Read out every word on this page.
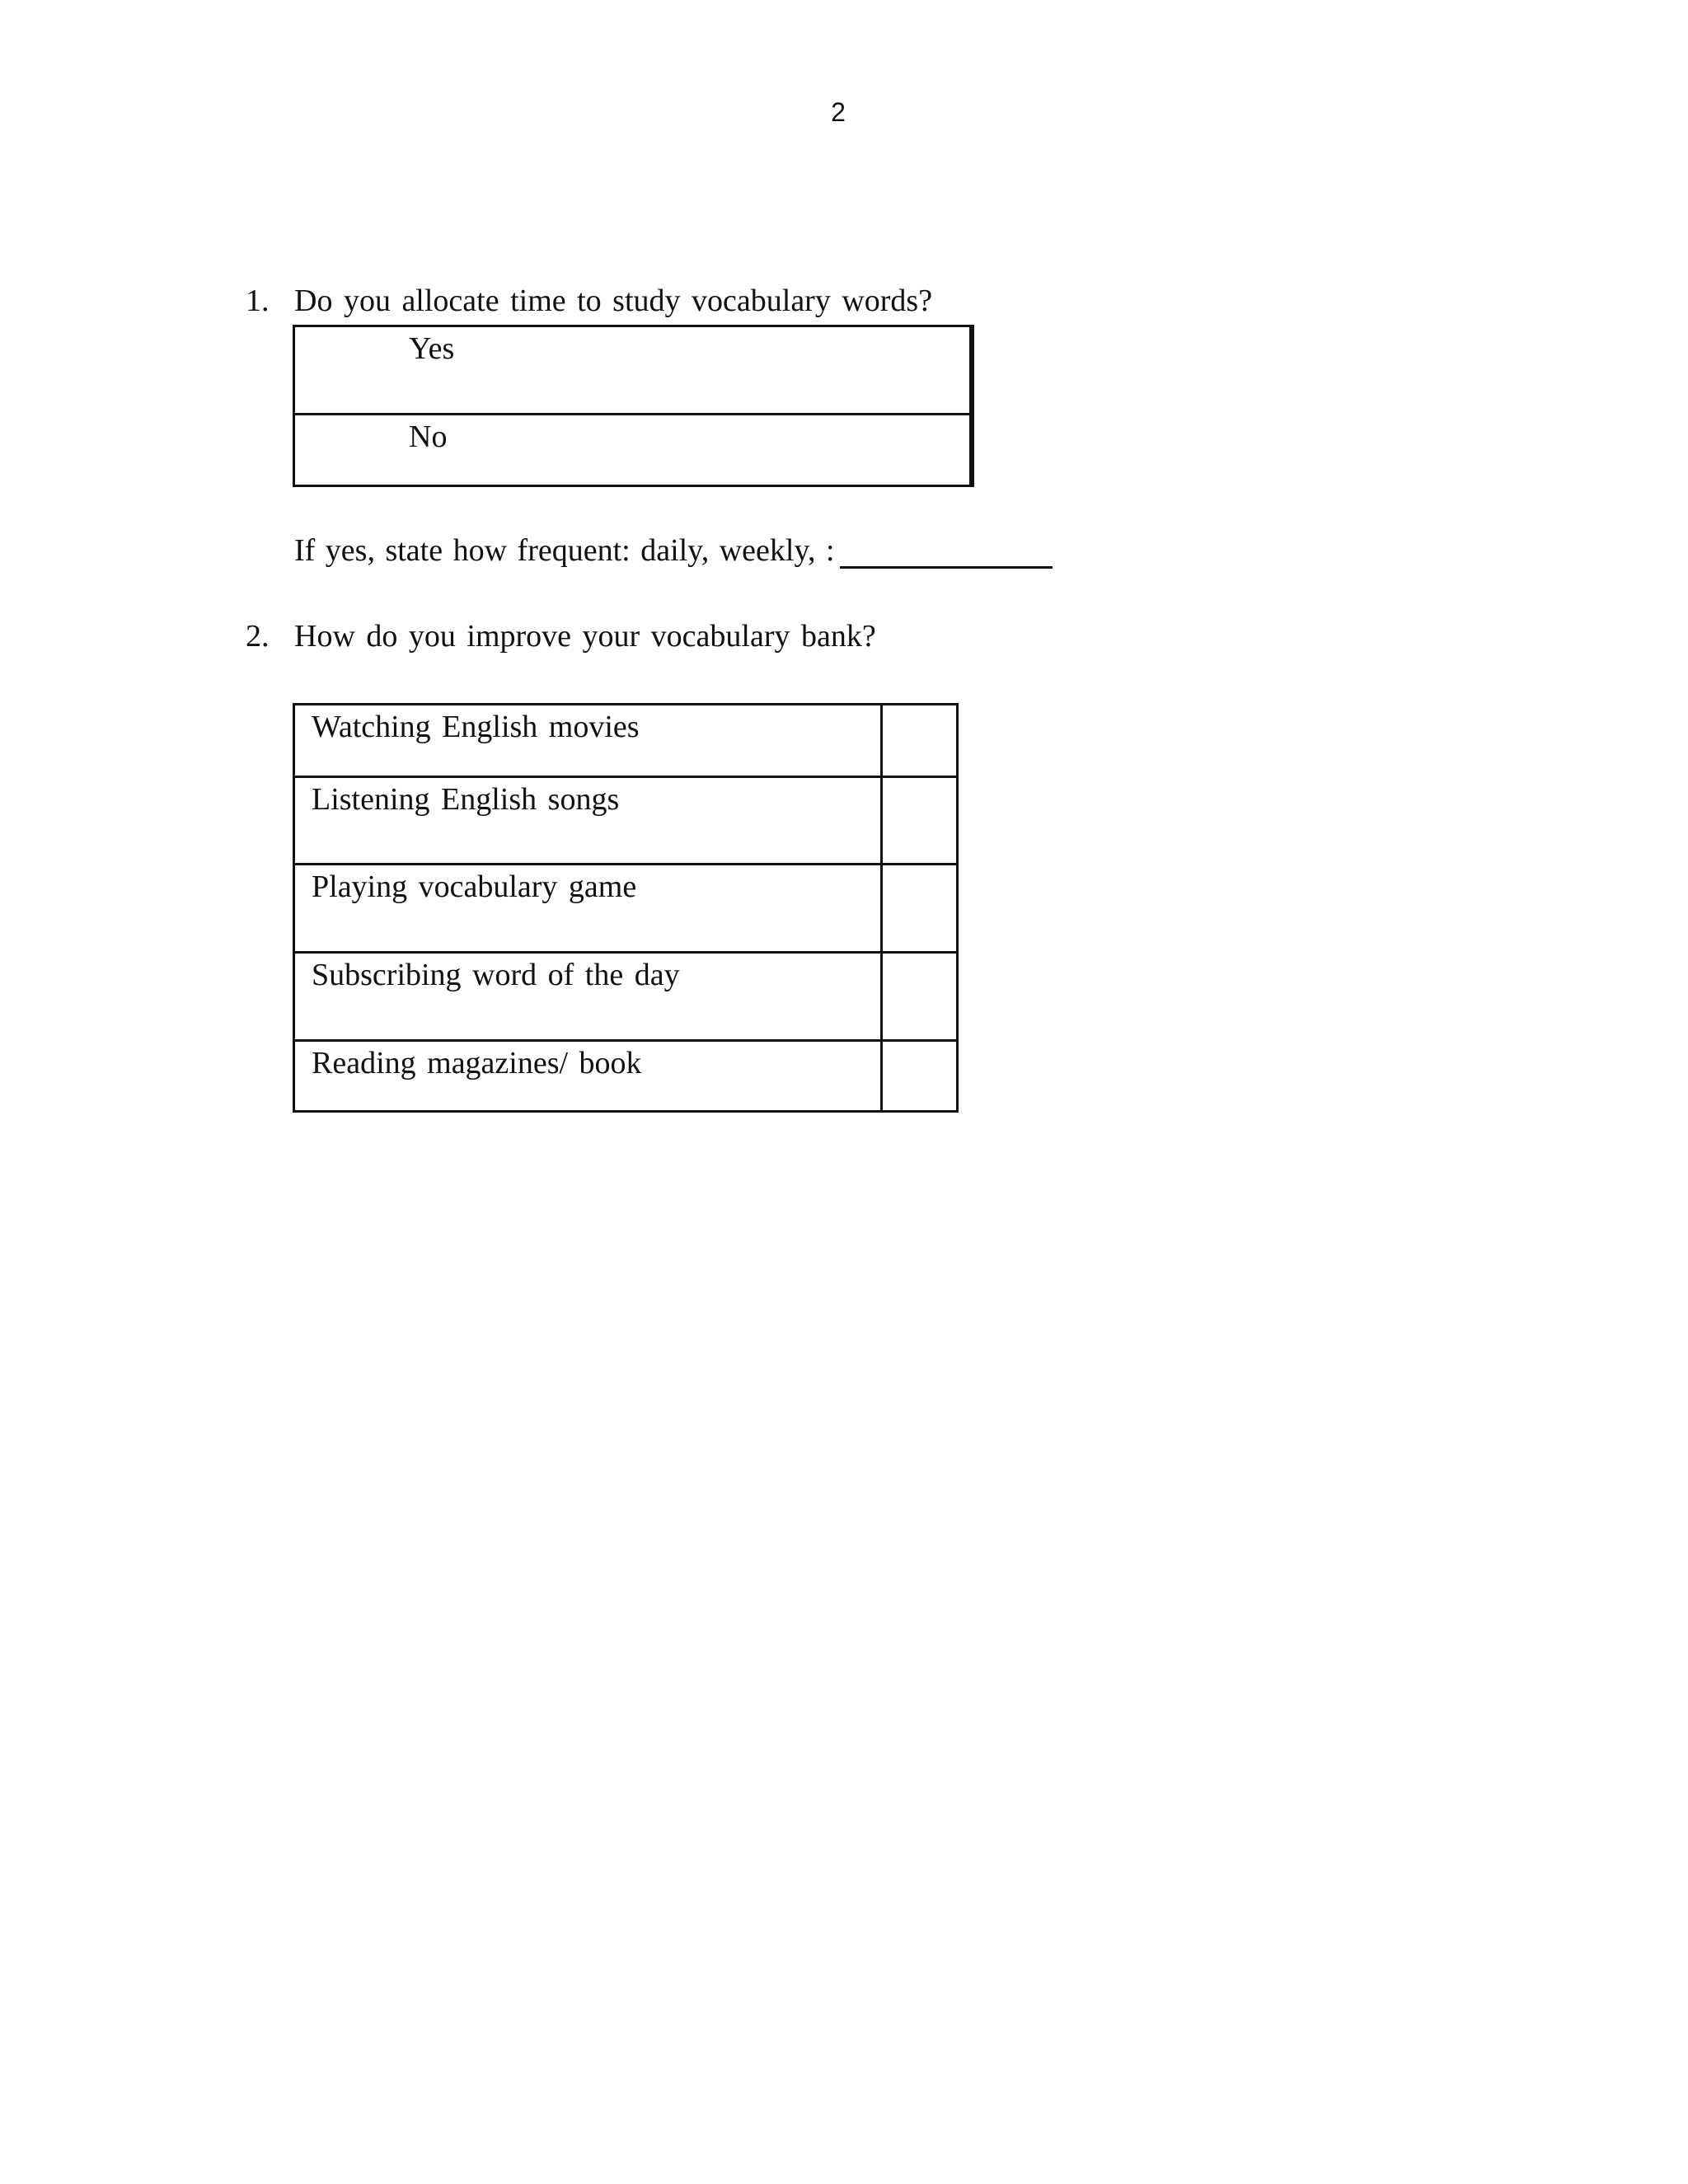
2
1. Do you allocate time to study vocabulary words?
Yes	
No	
If yes, state how frequent: daily, weekly, :
2. How do you improve your vocabulary bank?
Watching English movies	
Listening English songs	
Playing vocabulary game	
Subscribing word of the day	
Reading magazines/ book	
